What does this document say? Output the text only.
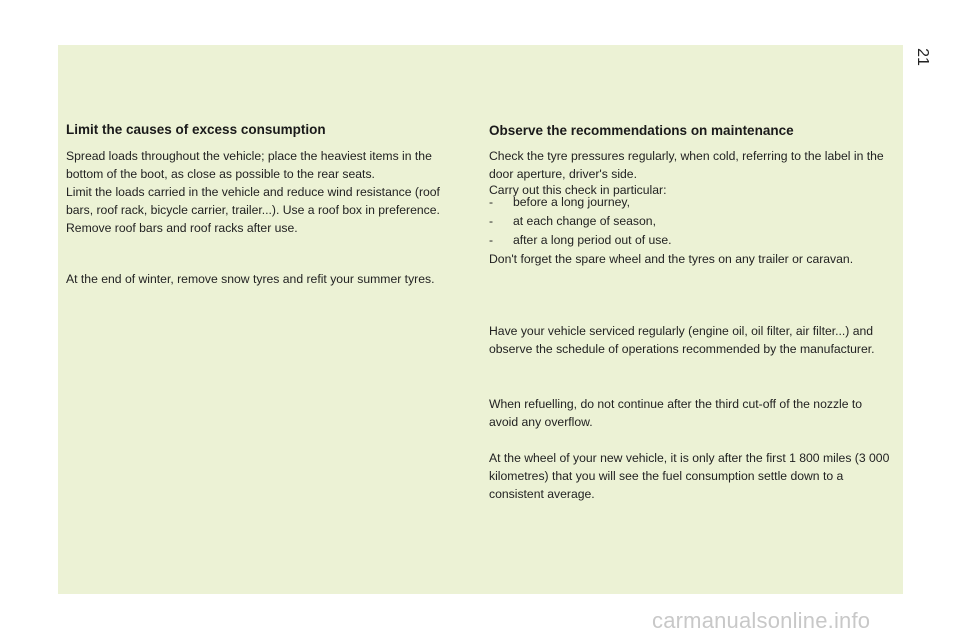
21
Limit the causes of excess consumption

Spread loads throughout the vehicle; place the heaviest items in the bottom of the boot, as close as possible to the rear seats.

Limit the loads carried in the vehicle and reduce wind resistance (roof bars, roof rack, bicycle carrier, trailer...). Use a roof box in preference. Remove roof bars and roof racks after use.

At the end of winter, remove snow tyres and refit your summer tyres.

Observe the recommendations on maintenance

Check the tyre pressures regularly, when cold, referring to the label in the door aperture, driver's side.

Carry out this check in particular:

- before a long journey,
- at each change of season,
- after a long period out of use.

Don't forget the spare wheel and the tyres on any trailer or caravan.

Have your vehicle serviced regularly (engine oil, oil filter, air filter...) and observe the schedule of operations recommended by the manufacturer.

When refuelling, do not continue after the third cut-off of the nozzle to avoid any overflow.

At the wheel of your new vehicle, it is only after the first 1 800 miles (3 000 kilometres) that you will see the fuel consumption settle down to a consistent average.

carmanualsonline.info
